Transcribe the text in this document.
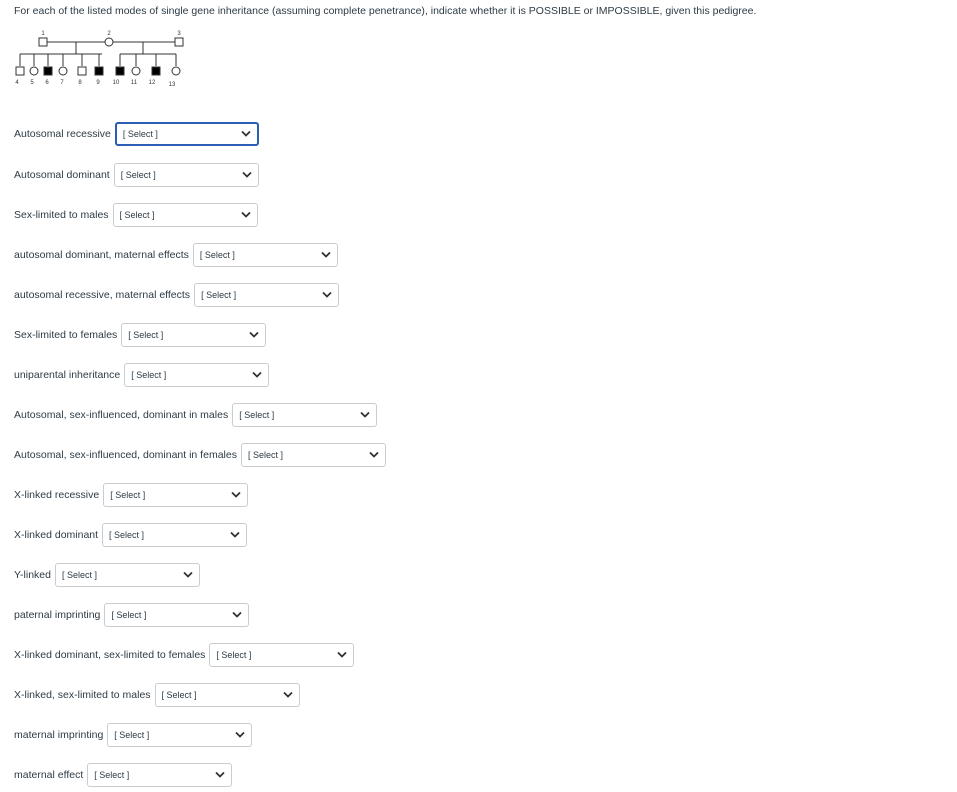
For each of the listed modes of single gene inheritance (assuming complete penetrance), indicate whether it is POSSIBLE or IMPOSSIBLE, given this pedigree.
1	2	3
4 5 6 7 8 9 10 11 12 13
Autosomal recessive	[ Select ]
Autosomal dominant	[ Select ]
Sex-limited to males	[ Select ]
autosomal dominant, maternal effects	[ Select ]
autosomal recessive, maternal effects	[ Select ]
Sex-limited to females	[ Select ]
uniparental inheritance	[ Select ]
Autosomal, sex-influenced, dominant in males	[ Select ]
Autosomal, sex-influenced, dominant in females	[ Select ]
X-linked recessive	[ Select ]
X-linked dominant	[ Select ]
Y-linked	[ Select ]
paternal imprinting	[ Select ]
X-linked dominant, sex-limited to females	[ Select ]
X-linked, sex-limited to males	[ Select ]
maternal imprinting	[ Select ]
maternal effect	[ Select ]
